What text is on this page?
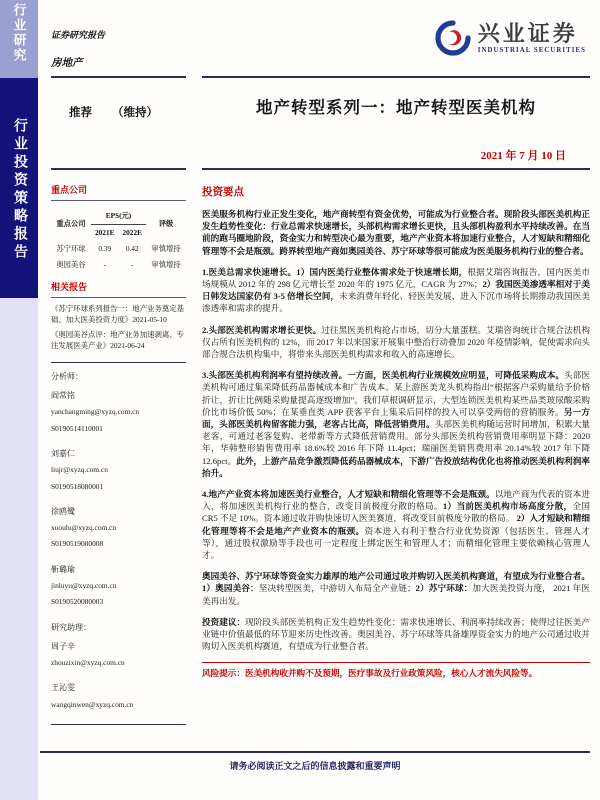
行业研究
行业投资策略报告
证券研究报告
房地产
兴业证券
INDUSTRIAL SECURITIES
推荐 （维持）	地产转型系列一：地产转型医美机构
2021 年 7 月 10 日
重点公司
重点公司	EPS(元)		评级
	2021E	2022E	
苏宁环球	0.39	0.42	审慎增持
奥园美谷	-	-	审慎增持
相关报告
《苏宁环球系列报告一：地产业务奠定基础、加大医美投资力度》2021-05-10
《奥园美谷点评：地产业务加速剥离、专注发展医美产业》2021-06-24
分析师：
阎常铭
yanchangming@xyzq.com.cn
S0190514110001
刘嘉仁
liujr@xyzq.com.cn
S0190518080001
徐鸥鹭
xuoulu@xyzq.com.cn
S0190519080008
靳璐瑜
jinluyu@xyzq.com.cn
S0190520080003
研究助理：
周子辛
zhouzixin@xyzq.com.cn
王沁雯
wangqinwen@xyzq.com.cn
投资要点

医美服务机构行业正发生变化，地产商转型有资金优势，可能成为行业整合者。现阶段头部医美机构正发生趋势性变化：行业总需求快速增长，头部机构需求增长更快，且头部机构盈利水平持续改善。在当前的跑马圈地阶段，资金实力和转型决心最为重要，地产产业资本将加速行业整合，人才短缺和精细化管理等不会是瓶颈。跨界转型地产商如奥园美谷、苏宁环球等很可能成为医美服务机构行业的整合者。

1.医美总需求快速增长。1）国内医美行业整体需求处于快速增长期，根据艾瑞咨询报告，国内医美市场规模从 2012 年的 298 亿元增长至 2020 年的 1975 亿元，CAGR 为 27%；2）我国医美渗透率相对于美日韩发达国家仍有 3-5 倍增长空间，未来消费年轻化、轻医美发展、进入下沉市场将长期推动我国医美渗透率和需求的提升。

2.头部医美机构需求增长更快。过往黑医美机构抢占市场，切分大量蛋糕。艾瑞咨询统计合规合法机构仅占所有医美机构的 12%，而 2017 年以来国家开展集中整治行动叠加 2020 年疫情影响，促使需求向头部合规合法机构集中，将带来头部医美机构需求和收入的高速增长。

3.头部医美机构利润率有望持续改善。一方面，医美机构行业规模效应明显，可降低采购成本。头部医美机构可通过集采降低药品器械成本和广告成本。某上游医美龙头机构指出“根据客户采购量给予价格折让，折让比例随采购量提高逐级增加”。我们草根调研显示，大型连锁医美机构某些品类玻尿酸采购价比市场价低 50%；在某垂直类 APP 获客平台上集采后同样的投入可以享受两倍的营销服务。另一方面，头部医美机构留客能力强，老客占比高，降低营销费用。头部医美机构随运营时间增加，积累大量老客，可通过老客复购、老带新等方式降低营销费用。部分头部医美机构营销费用率明显下降：2020 年，华韩整形销售费用率 18.6%较 2016 年下降 11.4pct；瑞丽医美销售费用率 20.14%较 2017 年下降 12.6pct。此外，上游产品竞争激烈降低药品器械成本，下游广告投放结构优化也将推动医美机构利润率抬升。

4.地产产业资本将加速医美行业整合，人才短缺和精细化管理等不会是瓶颈。以地产商为代表的资本进入，将加速医美机构行业的整合，改变目前极度分散的格局。1）当前医美机构市场高度分散，全国 CR5 不足 10%。资本通过收并购快速切入医美赛道，将改变目前极度分散的格局。 2）人才短缺和精细化管理等将不会是地产产业资本的瓶颈。资本进入有利于整合行业优势资源（包括医生、管理人才等），通过股权激励等手段也可一定程度上绑定医生和管理人才；而精细化管理主要依赖核心管理人才。

奥园美谷、苏宁环球等资金实力雄厚的地产公司通过收并购切入医美机构赛道，有望成为行业整合者。1）奥园美谷：坚决转型医美，中游切入布局全产业链；2）苏宁环球：加大医美投资力度， 2021 年医美再出发。

投资建议：现阶段头部医美机构正发生趋势性变化：需求快速增长、利润率持续改善；使得过往医美产业链中价值最低的环节迎来历史性改善。奥园美谷、苏宁环球等具备雄厚资金实力的地产公司通过收并购切入医美机构赛道，有望成为行业整合者。

风险提示：医美机构收并购不及预期，医疗事故及行业政策风险，核心人才流失风险等。
请务必阅读正文之后的信息披露和重要声明
